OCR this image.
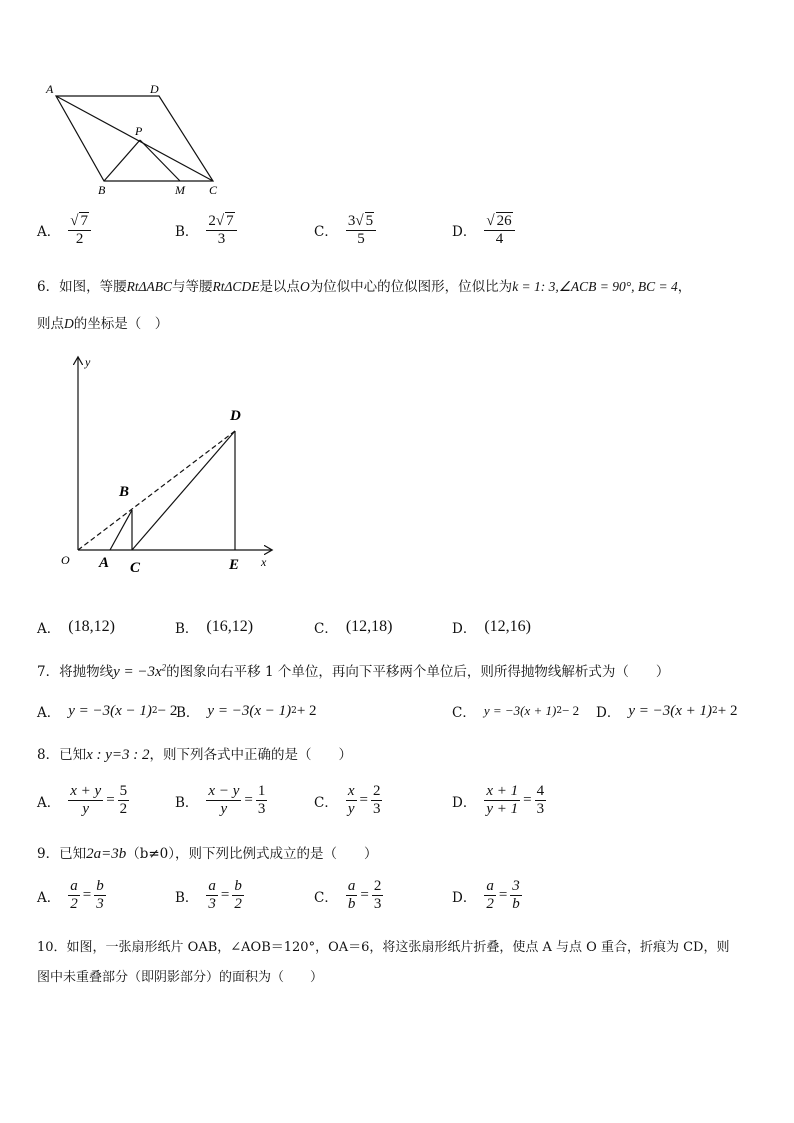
A	D
P
B	M C
A． $\frac{√ 7}{2}$	B． $\frac{2√ 7}{3}$	C． $\frac{3√ 5}{5}$	D． $\frac{√ 26}{4}$
6．如图，等腰RtΔABC与等腰RtΔCDE是以点O为位似中心的位似图形，位似比为k = 1: 3,∠ACB = 90°, BC = 4，
则点D的坐标是（　）
y
x
O A
B
C
D
E
A． (18,12)	B． (16,12)	C． (12,18)	D． (12,16)
7．将抛物线$y = -3x^2$的图象向右平移 1 个单位，再向下平移两个单位后，则所得抛物线解析式为（　　）
A． y = −3(x − 1) 2 − 2
B． y = −3(x − 1) 2 + 2	C． y = −3(x + 1) 2 − 2 D． y = −3(x + 1) 2 + 2
8．已知x : y=3 : 2，则下列各式中正确的是（　　）
A． $\frac{x + y}{y} = \frac{5}{2}$	B． $\frac{x - y}{y} = \frac{1}{3}$	C． $\frac{x}{y} = \frac{2}{3}$	D． $\frac{x + 1}{y + 1} = \frac{4}{3}$
9．已知2a=3b（b≠0），则下列比例式成立的是（　　）
A． $\frac{a}{2} = \frac{b}{3}$	B． $\frac{a}{3} = \frac{b}{2}$	C． $\frac{a}{b} = \frac{2}{3}$	D． $\frac{a}{2} = \frac{3}{b}$
10．如图，一张扇形纸片 OAB，∠AOB＝120°，OA＝6，将这张扇形纸片折叠，使点 A 与点 O 重合，折痕为 CD，则
图中未重叠部分（即阴影部分）的面积为（　　）
